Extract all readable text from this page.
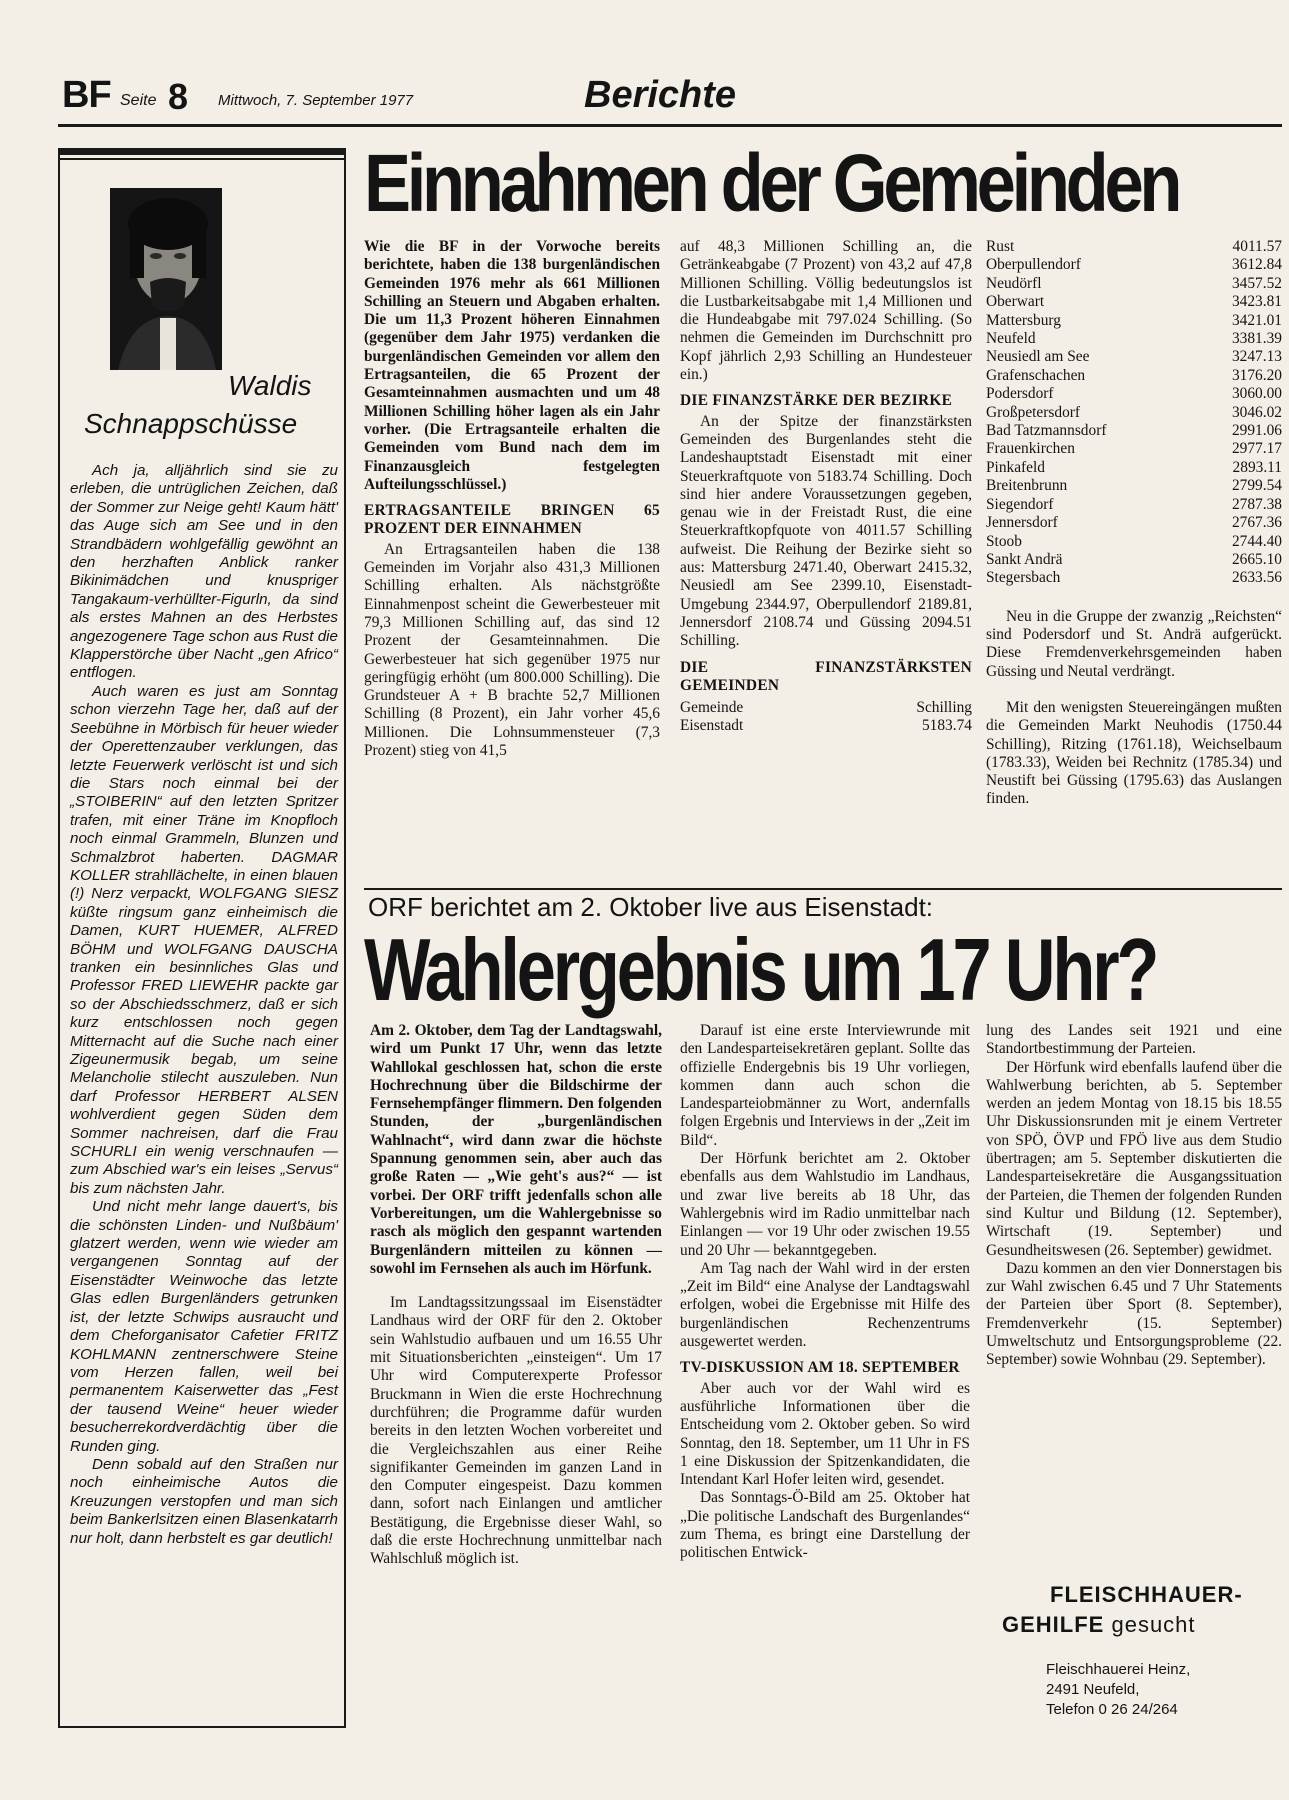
BF Seite 8 Mittwoch, 7. September 1977	Berichte
Waldis
Schnappschüsse

Ach ja, alljährlich sind sie zu erleben, die untrüglichen Zeichen, daß der Sommer zur Neige geht! Kaum hätt' das Auge sich am See und in den Strandbädern wohlgefällig gewöhnt an den herzhaften Anblick ranker Bikinimädchen und knuspriger Tangakaum-verhüllter-Figurln, da sind als erstes Mahnen an des Herbstes angezogenere Tage schon aus Rust die Klapperstörche über Nacht „gen Africo“ entflogen.

Auch waren es just am Sonntag schon vierzehn Tage her, daß auf der Seebühne in Mörbisch für heuer wieder der Operettenzauber verklungen, das letzte Feuerwerk verlöscht ist und sich die Stars noch einmal bei der „STOIBERIN“ auf den letzten Spritzer trafen, mit einer Träne im Knopfloch noch einmal Grammeln, Blunzen und Schmalzbrot haberten. DAGMAR KOLLER strahllächelte, in einen blauen (!) Nerz verpackt, WOLFGANG SIESZ küßte ringsum ganz einheimisch die Damen, KURT HUEMER, ALFRED BÖHM und WOLFGANG DAUSCHA tranken ein besinnliches Glas und Professor FRED LIEWEHR packte gar so der Abschiedsschmerz, daß er sich kurz entschlossen noch gegen Mitternacht auf die Suche nach einer Zigeunermusik begab, um seine Melancholie stilecht auszuleben. Nun darf Professor HERBERT ALSEN wohlverdient gegen Süden dem Sommer nachreisen, darf die Frau SCHURLI ein wenig verschnaufen — zum Abschied war's ein leises „Servus“ bis zum nächsten Jahr.

Und nicht mehr lange dauert's, bis die schönsten Linden- und Nußbäum' glatzert werden, wenn wie wieder am vergangenen Sonntag auf der Eisenstädter Weinwoche das letzte Glas edlen Burgenländers getrunken ist, der letzte Schwips ausraucht und dem Cheforganisator Cafetier FRITZ KOHLMANN zentnerschwere Steine vom Herzen fallen, weil bei permanentem Kaiserwetter das „Fest der tausend Weine“ heuer wieder besucherrekordverdächtig über die Runden ging.

Denn sobald auf den Straßen nur noch einheimische Autos die Kreuzungen verstopfen und man sich beim Bankerlsitzen einen Blasenkatarrh nur holt, dann herbstelt es gar deutlich!

Einnahmen der Gemeinden

Wie die BF in der Vorwoche bereits berichtete, haben die 138 burgenländischen Gemeinden 1976 mehr als 661 Millionen Schilling an Steuern und Abgaben erhalten. Die um 11,3 Prozent höheren Einnahmen (gegenüber dem Jahr 1975) verdanken die burgenländischen Gemeinden vor allem den Ertragsanteilen, die 65 Prozent der Gesamteinnahmen ausmachten und um 48 Millionen Schilling höher lagen als ein Jahr vorher. (Die Ertragsanteile erhalten die Gemeinden vom Bund nach dem im Finanzausgleich festgelegten Aufteilungsschlüssel.)

ERTRAGSANTEILE BRINGEN 65 PROZENT DER EINNAHMEN

An Ertragsanteilen haben die 138 Gemeinden im Vorjahr also 431,3 Millionen Schilling erhalten. Als nächstgrößte Einnahmenpost scheint die Gewerbesteuer mit 79,3 Millionen Schilling auf, das sind 12 Prozent der Gesamteinnahmen. Die Gewerbesteuer hat sich gegenüber 1975 nur geringfügig erhöht (um 800.000 Schilling). Die Grundsteuer A + B brachte 52,7 Millionen Schilling (8 Prozent), ein Jahr vorher 45,6 Millionen. Die Lohnsummensteuer (7,3 Prozent) stieg von 41,5

auf 48,3 Millionen Schilling an, die Getränkeabgabe (7 Prozent) von 43,2 auf 47,8 Millionen Schilling. Völlig bedeutungslos ist die Lustbarkeitsabgabe mit 1,4 Millionen und die Hundeabgabe mit 797.024 Schilling. (So nehmen die Gemeinden im Durchschnitt pro Kopf jährlich 2,93 Schilling an Hundesteuer ein.)

DIE FINANZSTÄRKE DER BEZIRKE

An der Spitze der finanzstärksten Gemeinden des Burgenlandes steht die Landeshauptstadt Eisenstadt mit einer Steuerkraftquote von 5183.74 Schilling. Doch sind hier andere Voraussetzungen gegeben, genau wie in der Freistadt Rust, die eine Steuerkraftkopfquote von 4011.57 Schilling aufweist. Die Reihung der Bezirke sieht so aus: Mattersburg 2471.40, Oberwart 2415.32, Neusiedl am See 2399.10, Eisenstadt-Umgebung 2344.97, Oberpullendorf 2189.81, Jennersdorf 2108.74 und Güssing 2094.51 Schilling.

DIE FINANZSTÄRKSTEN GEMEINDEN
Gemeinde	Schilling
Eisenstadt	5183.74
Rust	4011.57
Oberpullendorf	3612.84
Neudörfl	3457.52
Oberwart	3423.81
Mattersburg	3421.01
Neufeld	3381.39
Neusiedl am See	3247.13
Grafenschachen	3176.20
Podersdorf	3060.00
Großpetersdorf	3046.02
Bad Tatzmannsdorf	2991.06
Frauenkirchen	2977.17
Pinkafeld	2893.11
Breitenbrunn	2799.54
Siegendorf	2787.38
Jennersdorf	2767.36
Stoob	2744.40
Sankt Andrä	2665.10
Stegersbach	2633.56

Neu in die Gruppe der zwanzig „Reichsten“ sind Podersdorf und St. Andrä aufgerückt. Diese Fremdenverkehrsgemeinden haben Güssing und Neutal verdrängt.

Mit den wenigsten Steuereingängen mußten die Gemeinden Markt Neuhodis (1750.44 Schilling), Ritzing (1761.18), Weichselbaum (1783.33), Weiden bei Rechnitz (1785.34) und Neustift bei Güssing (1795.63) das Auslangen finden.

ORF berichtet am 2. Oktober live aus Eisenstadt:
Wahlergebnis um 17 Uhr?

Am 2. Oktober, dem Tag der Landtagswahl, wird um Punkt 17 Uhr, wenn das letzte Wahllokal geschlossen hat, schon die erste Hochrechnung über die Bildschirme der Fernsehempfänger flimmern. Den folgenden Stunden, der „burgenländischen Wahlnacht“, wird dann zwar die höchste Spannung genommen sein, aber auch das große Raten — „Wie geht's aus?“ — ist vorbei. Der ORF trifft jedenfalls schon alle Vorbereitungen, um die Wahlergebnisse so rasch als möglich den gespannt wartenden Burgenländern mitteilen zu können — sowohl im Fernsehen als auch im Hörfunk.

Im Landtagssitzungssaal im Eisenstädter Landhaus wird der ORF für den 2. Oktober sein Wahlstudio aufbauen und um 16.55 Uhr mit Situationsberichten „einsteigen“. Um 17 Uhr wird Computerexperte Professor Bruckmann in Wien die erste Hochrechnung durchführen; die Programme dafür wurden bereits in den letzten Wochen vorbereitet und die Vergleichszahlen aus einer Reihe signifikanter Gemeinden im ganzen Land in den Computer eingespeist. Dazu kommen dann, sofort nach Einlangen und amtlicher Bestätigung, die Ergebnisse dieser Wahl, so daß die erste Hochrechnung unmittelbar nach Wahlschluß möglich ist.

Darauf ist eine erste Interviewrunde mit den Landesparteisekretären geplant. Sollte das offizielle Endergebnis bis 19 Uhr vorliegen, kommen dann auch schon die Landesparteiobmänner zu Wort, andernfalls folgen Ergebnis und Interviews in der „Zeit im Bild“.

Der Hörfunk berichtet am 2. Oktober ebenfalls aus dem Wahlstudio im Landhaus, und zwar live bereits ab 18 Uhr, das Wahlergebnis wird im Radio unmittelbar nach Einlangen — vor 19 Uhr oder zwischen 19.55 und 20 Uhr — bekanntgegeben.

Am Tag nach der Wahl wird in der ersten „Zeit im Bild“ eine Analyse der Landtagswahl erfolgen, wobei die Ergebnisse mit Hilfe des burgenländischen Rechenzentrums ausgewertet werden.

TV-DISKUSSION AM 18. SEPTEMBER

Aber auch vor der Wahl wird es ausführliche Informationen über die Entscheidung vom 2. Oktober geben. So wird Sonntag, den 18. September, um 11 Uhr in FS 1 eine Diskussion der Spitzenkandidaten, die Intendant Karl Hofer leiten wird, gesendet.

Das Sonntags-Ö-Bild am 25. Oktober hat „Die politische Landschaft des Burgenlandes“ zum Thema, es bringt eine Darstellung der politischen Entwick-

lung des Landes seit 1921 und eine Standortbestimmung der Parteien.

Der Hörfunk wird ebenfalls laufend über die Wahlwerbung berichten, ab 5. September werden an jedem Montag von 18.15 bis 18.55 Uhr Diskussionsrunden mit je einem Vertreter von SPÖ, ÖVP und FPÖ live aus dem Studio übertragen; am 5. September diskutierten die Landesparteisekretäre die Ausgangssituation der Parteien, die Themen der folgenden Runden sind Kultur und Bildung (12. September), Wirtschaft (19. September) und Gesundheitswesen (26. September) gewidmet.

Dazu kommen an den vier Donnerstagen bis zur Wahl zwischen 6.45 und 7 Uhr Statements der Parteien über Sport (8. September), Fremdenverkehr (15. September) Umweltschutz und Entsorgungsprobleme (22. September) sowie Wohnbau (29. September).

FLEISCHHAUER-
GEHILFE gesucht
Fleischhauerei Heinz,
2491 Neufeld,
Telefon 0 26 24/264
